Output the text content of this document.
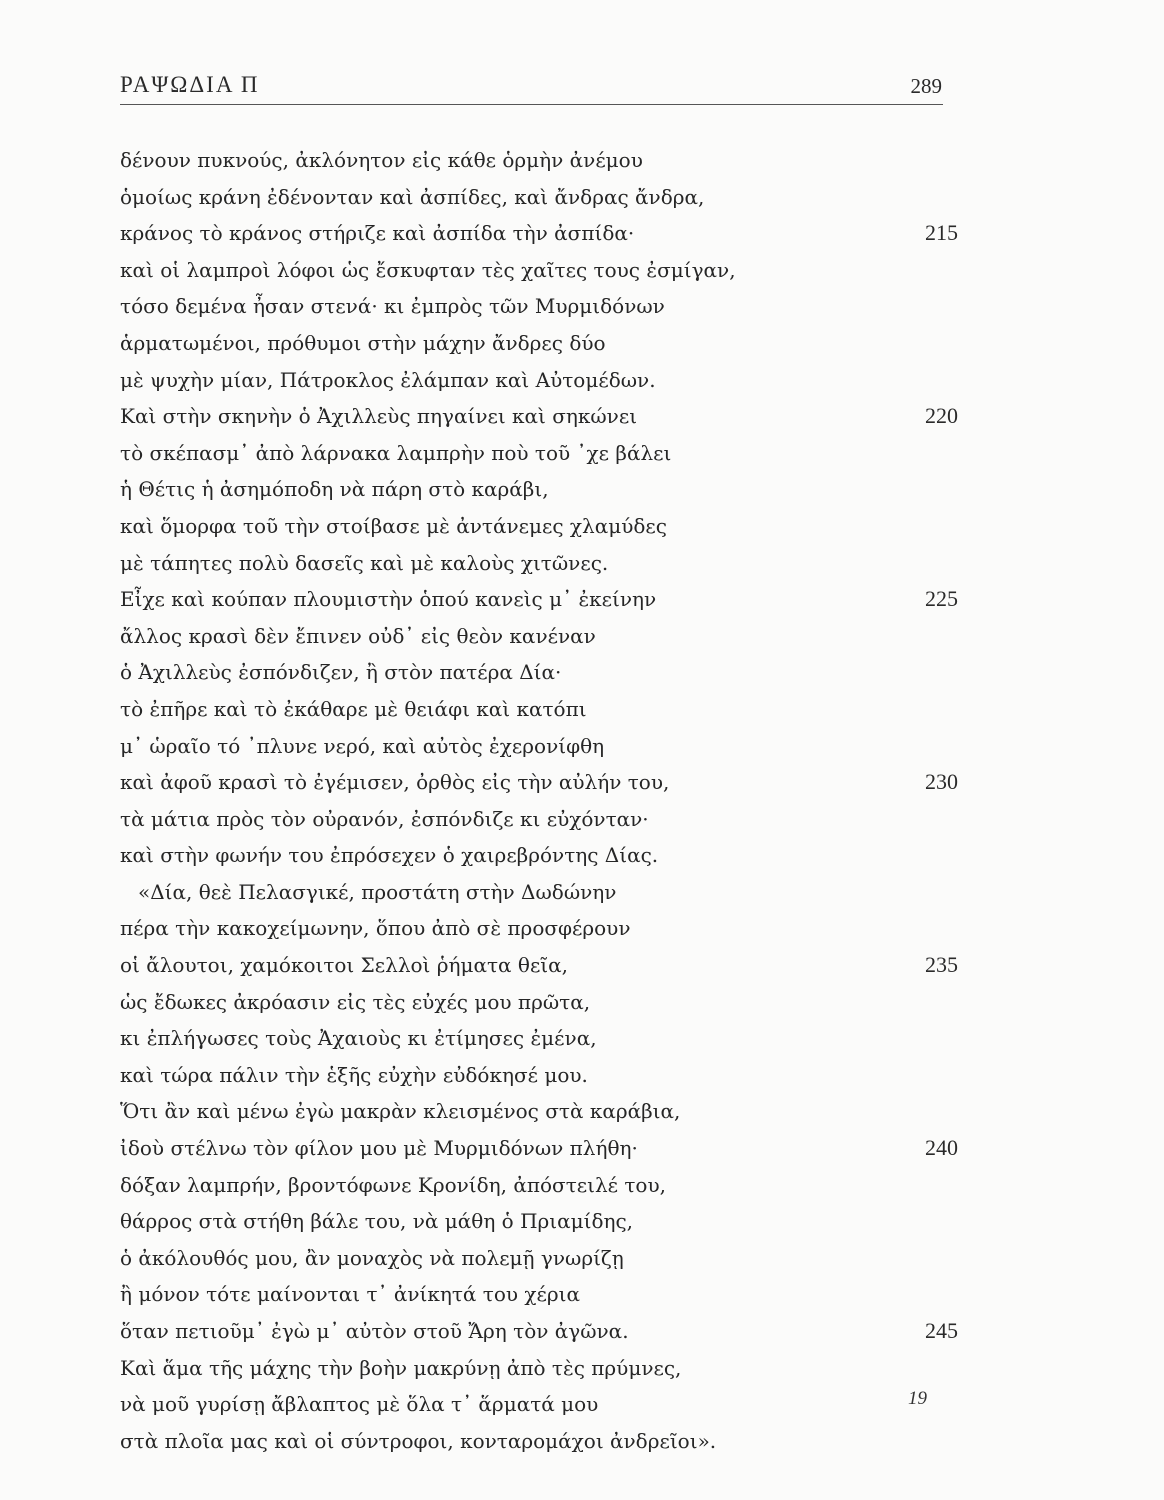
ΡΑΨΩΔΙΑ Π	289
δένουν πυκνούς, ἀκλόνητον εἰς κάθε ὁρμὴν ἀνέμου
ὁμοίως κράνη ἐδένονταν καὶ ἀσπίδες, καὶ ἄνδρας ἄνδρα,
κράνος τὸ κράνος στήριζε καὶ ἀσπίδα τὴν ἀσπίδα·	215
καὶ οἱ λαμπροὶ λόφοι ὡς ἔσκυφταν τὲς χαῖτες τους ἐσμίγαν,
τόσο δεμένα ἦσαν στενά· κι ἐμπρὸς τῶν Μυρμιδόνων
ἁρματωμένοι, πρόθυμοι στὴν μάχην ἄνδρες δύο
μὲ ψυχὴν μίαν, Πάτροκλος ἐλάμπαν καὶ Αὐτομέδων.
Καὶ στὴν σκηνὴν ὁ Ἀχιλλεὺς πηγαίνει καὶ σηκώνει	220
τὸ σκέπασμ᾿ ἀπὸ λάρνακα λαμπρὴν ποὺ τοῦ ᾿χε βάλει
ἡ Θέτις ἡ ἀσημόποδη νὰ πάρη στὸ καράβι,
καὶ ὅμορφα τοῦ τὴν στοίβασε μὲ ἀντάνεμες χλαμύδες
μὲ τάπητες πολὺ δασεῖς καὶ μὲ καλοὺς χιτῶνες.
Εἶχε καὶ κούπαν πλουμιστὴν ὁπού κανεὶς μ᾿ ἐκείνην	225
ἄλλος κρασὶ δὲν ἔπινεν οὐδ᾿ εἰς θεὸν κανέναν
ὁ Ἀχιλλεὺς ἐσπόνδιζεν, ἢ στὸν πατέρα Δία·
τὸ ἐπῆρε καὶ τὸ ἐκάθαρε μὲ θειάφι καὶ κατόπι
μ᾿ ὡραῖο τό ᾿πλυνε νερό, καὶ αὐτὸς ἐχερονίφθη
καὶ ἀφοῦ κρασὶ τὸ ἐγέμισεν, ὀρθὸς εἰς τὴν αὐλήν του,	230
τὰ μάτια πρὸς τὸν οὐρανόν, ἐσπόνδιζε κι εὐχόνταν·
καὶ στὴν φωνήν του ἐπρόσεχεν ὁ χαιρεβρόντης Δίας.
«Δία, θεὲ Πελασγικέ, προστάτη στὴν Δωδώνην
πέρα τὴν κακοχείμωνην, ὅπου ἀπὸ σὲ προσφέρουν
οἱ ἄλουτοι, χαμόκοιτοι Σελλοὶ ῥήματα θεῖα,	235
ὡς ἔδωκες ἀκρόασιν εἰς τὲς εὐχές μου πρῶτα,
κι ἐπλήγωσες τοὺς Ἀχαιοὺς κι ἐτίμησες ἐμένα,
καὶ τώρα πάλιν τὴν ἑξῆς εὐχὴν εὐδόκησέ μου.
Ὅτι ἂν καὶ μένω ἐγὼ μακρὰν κλεισμένος στὰ καράβια,
ἰδοὺ στέλνω τὸν φίλον μου μὲ Μυρμιδόνων πλήθη·	240
δόξαν λαμπρήν, βροντόφωνε Κρονίδη, ἀπόστειλέ του,
θάρρος στὰ στήθη βάλε του, νὰ μάθη ὁ Πριαμίδης,
ὁ ἀκόλουθός μου, ἂν μοναχὸς νὰ πολεμῇ γνωρίζῃ
ἢ μόνον τότε μαίνονται τ᾿ ἀνίκητά του χέρια
ὅταν πετιοῦμ᾿ ἐγὼ μ᾿ αὐτὸν στοῦ Ἄρη τὸν ἀγῶνα.	245
Καὶ ἅμα τῆς μάχης τὴν βοὴν μακρύνῃ ἀπὸ τὲς πρύμνες,
νὰ μοῦ γυρίσῃ ἄβλαπτος μὲ ὅλα τ᾿ ἅρματά μου
στὰ πλοῖα μας καὶ οἱ σύντροφοι, κονταρομάχοι ἀνδρεῖοι».
19
